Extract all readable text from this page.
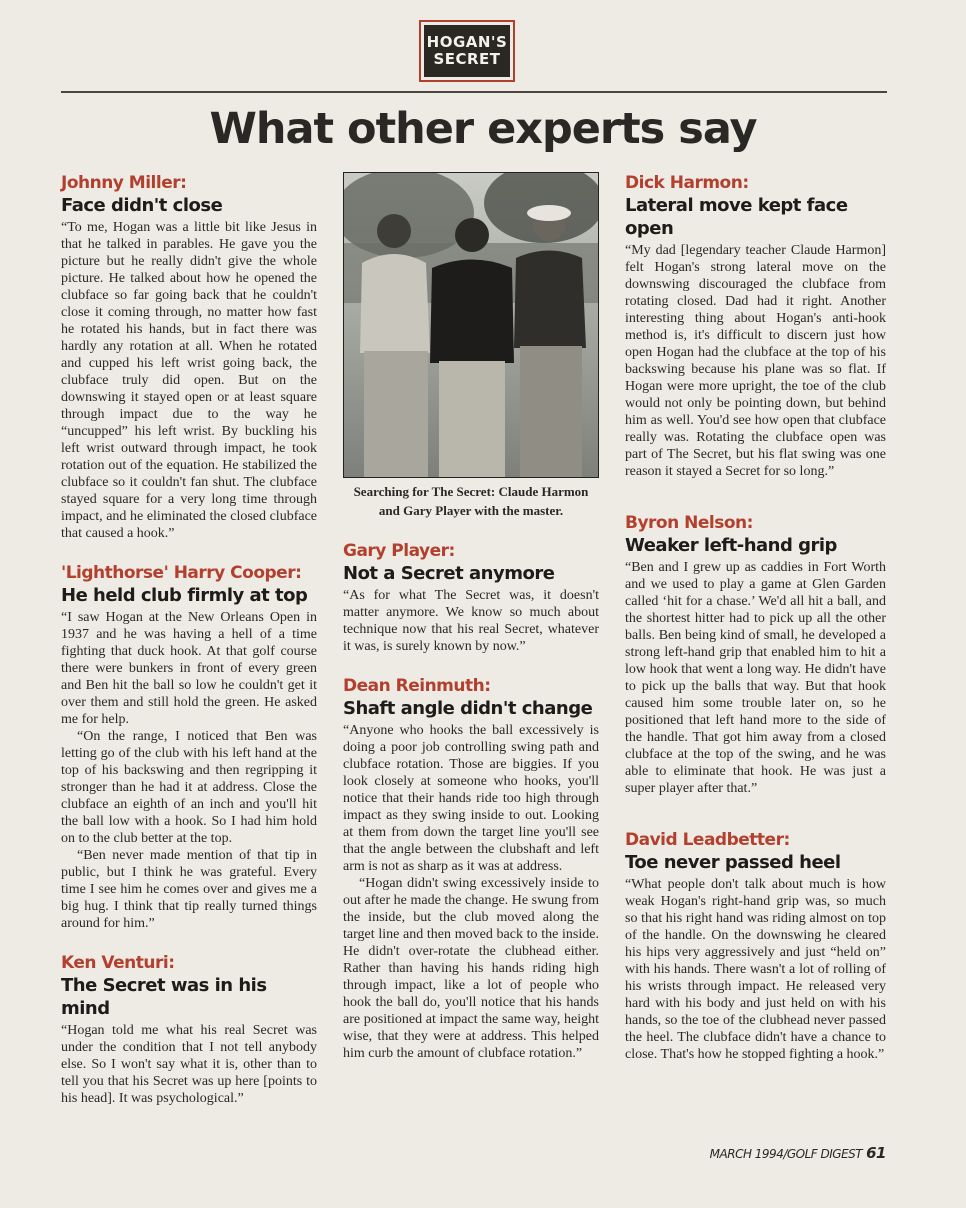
HOGAN'S
SECRET
What other experts say
Johnny Miller:
Face didn't close

“To me, Hogan was a little bit like Jesus in that he talked in parables. He gave you the picture but he really didn't give the whole picture. He talked about how he opened the clubface so far going back that he couldn't close it coming through, no matter how fast he rotated his hands, but in fact there was hardly any rotation at all. When he rotated and cupped his left wrist going back, the clubface truly did open. But on the downswing it stayed open or at least square through impact due to the way he “uncupped” his left wrist. By buckling his left wrist outward through impact, he took rotation out of the equation. He stabilized the clubface so it couldn't fan shut. The clubface stayed square for a very long time through impact, and he eliminated the closed clubface that caused a hook.”

'Lighthorse' Harry Cooper:
He held club firmly at top

“I saw Hogan at the New Orleans Open in 1937 and he was having a hell of a time fighting that duck hook. At that golf course there were bunkers in front of every green and Ben hit the ball so low he couldn't get it over them and still hold the green. He asked me for help.

“On the range, I noticed that Ben was letting go of the club with his left hand at the top of his backswing and then regripping it stronger than he had it at address. Close the clubface an eighth of an inch and you'll hit the ball low with a hook. So I had him hold on to the club better at the top.

“Ben never made mention of that tip in public, but I think he was grateful. Every time I see him he comes over and gives me a big hug. I think that tip really turned things around for him.”

Ken Venturi:
The Secret was in his mind

“Hogan told me what his real Secret was under the condition that I not tell anybody else. So I won't say what it is, other than to tell you that his Secret was up here [points to his head]. It was psychological.”

Searching for The Secret: Claude Harmon and Gary Player with the master.
Gary Player:
Not a Secret anymore

“As for what The Secret was, it doesn't matter anymore. We know so much about technique now that his real Secret, whatever it was, is surely known by now.”

Dean Reinmuth:
Shaft angle didn't change

“Anyone who hooks the ball excessively is doing a poor job controlling swing path and clubface rotation. Those are biggies. If you look closely at someone who hooks, you'll notice that their hands ride too high through impact as they swing inside to out. Looking at them from down the target line you'll see that the angle between the clubshaft and left arm is not as sharp as it was at address.

“Hogan didn't swing excessively inside to out after he made the change. He swung from the inside, but the club moved along the target line and then moved back to the inside. He didn't over-rotate the clubhead either. Rather than having his hands riding high through impact, like a lot of people who hook the ball do, you'll notice that his hands are positioned at impact the same way, height wise, that they were at address. This helped him curb the amount of clubface rotation.”

Dick Harmon:
Lateral move kept face open

“My dad [legendary teacher Claude Harmon] felt Hogan's strong lateral move on the downswing discouraged the clubface from rotating closed. Dad had it right. Another interesting thing about Hogan's anti-hook method is, it's difficult to discern just how open Hogan had the clubface at the top of his backswing because his plane was so flat. If Hogan were more upright, the toe of the club would not only be pointing down, but behind him as well. You'd see how open that clubface really was. Rotating the clubface open was part of The Secret, but his flat swing was one reason it stayed a Secret for so long.”

Byron Nelson:
Weaker left-hand grip

“Ben and I grew up as caddies in Fort Worth and we used to play a game at Glen Garden called ‘hit for a chase.’ We'd all hit a ball, and the shortest hitter had to pick up all the other balls. Ben being kind of small, he developed a strong left-hand grip that enabled him to hit a low hook that went a long way. He didn't have to pick up the balls that way. But that hook caused him some trouble later on, so he positioned that left hand more to the side of the handle. That got him away from a closed clubface at the top of the swing, and he was able to eliminate that hook. He was just a super player after that.”

David Leadbetter:
Toe never passed heel

“What people don't talk about much is how weak Hogan's right-hand grip was, so much so that his right hand was riding almost on top of the handle. On the downswing he cleared his hips very aggressively and just “held on” with his hands. There wasn't a lot of rolling of his wrists through impact. He released very hard with his body and just held on with his hands, so the toe of the clubhead never passed the heel. The clubface didn't have a chance to close. That's how he stopped fighting a hook.”

MARCH 1994/GOLF DIGEST 61
